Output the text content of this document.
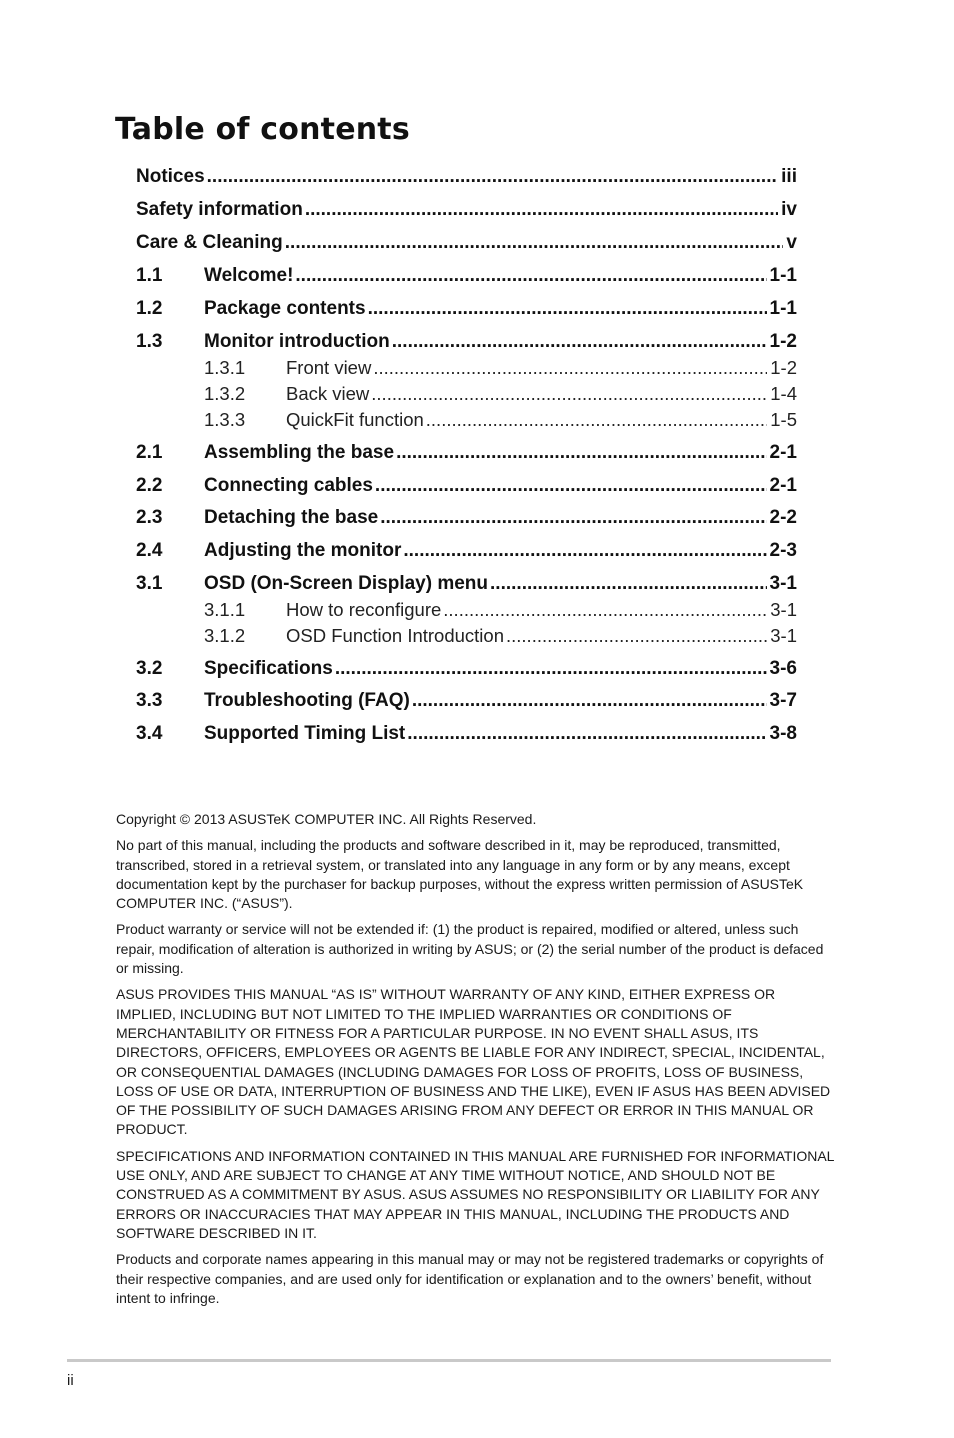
Table of contents
Notices .....	iii
Safety information .....	iv
Care & Cleaning .....	v
1.1	Welcome! .....	1-1
1.2	Package contents .....	1-1
1.3	Monitor introduction .....	1-2
1.3.1	Front view .....	1-2
1.3.2	Back view .....	1-4
1.3.3	QuickFit function .....	1-5
2.1	Assembling the base .....	2-1
2.2	Connecting cables .....	2-1
2.3	Detaching the base .....	2-2
2.4	Adjusting the monitor .....	2-3
3.1	OSD (On-Screen Display) menu .....	3-1
3.1.1	How to reconfigure .....	3-1
3.1.2	OSD Function Introduction .....	3-1
3.2	Specifications .....	3-6
3.3	Troubleshooting (FAQ) .....	3-7
3.4	Supported Timing List .....	3-8

Copyright © 2013 ASUSTeK COMPUTER INC. All Rights Reserved.

No part of this manual, including the products and software described in it, may be reproduced, transmitted, transcribed, stored in a retrieval system, or translated into any language in any form or by any means, except documentation kept by the purchaser for backup purposes, without the express written permission of ASUSTeK COMPUTER INC. (“ASUS”).

Product warranty or service will not be extended if: (1) the product is repaired, modified or altered, unless such repair, modification of alteration is authorized in writing by ASUS; or (2) the serial number of the product is defaced or missing.

ASUS PROVIDES THIS MANUAL “AS IS” WITHOUT WARRANTY OF ANY KIND, EITHER EXPRESS OR IMPLIED, INCLUDING BUT NOT LIMITED TO THE IMPLIED WARRANTIES OR CONDITIONS OF MERCHANTABILITY OR FITNESS FOR A PARTICULAR PURPOSE. IN NO EVENT SHALL ASUS, ITS DIRECTORS, OFFICERS, EMPLOYEES OR AGENTS BE LIABLE FOR ANY INDIRECT, SPECIAL, INCIDENTAL, OR CONSEQUENTIAL DAMAGES (INCLUDING DAMAGES FOR LOSS OF PROFITS, LOSS OF BUSINESS, LOSS OF USE OR DATA, INTERRUPTION OF BUSINESS AND THE LIKE), EVEN IF ASUS HAS BEEN ADVISED OF THE POSSIBILITY OF SUCH DAMAGES ARISING FROM ANY DEFECT OR ERROR IN THIS MANUAL OR PRODUCT.

SPECIFICATIONS AND INFORMATION CONTAINED IN THIS MANUAL ARE FURNISHED FOR INFORMATIONAL USE ONLY, AND ARE SUBJECT TO CHANGE AT ANY TIME WITHOUT NOTICE, AND SHOULD NOT BE CONSTRUED AS A COMMITMENT BY ASUS. ASUS ASSUMES NO RESPONSIBILITY OR LIABILITY FOR ANY ERRORS OR INACCURACIES THAT MAY APPEAR IN THIS MANUAL, INCLUDING THE PRODUCTS AND SOFTWARE DESCRIBED IN IT.

Products and corporate names appearing in this manual may or may not be registered trademarks or copyrights of their respective companies, and are used only for identification or explanation and to the owners’ benefit, without intent to infringe.

ii
